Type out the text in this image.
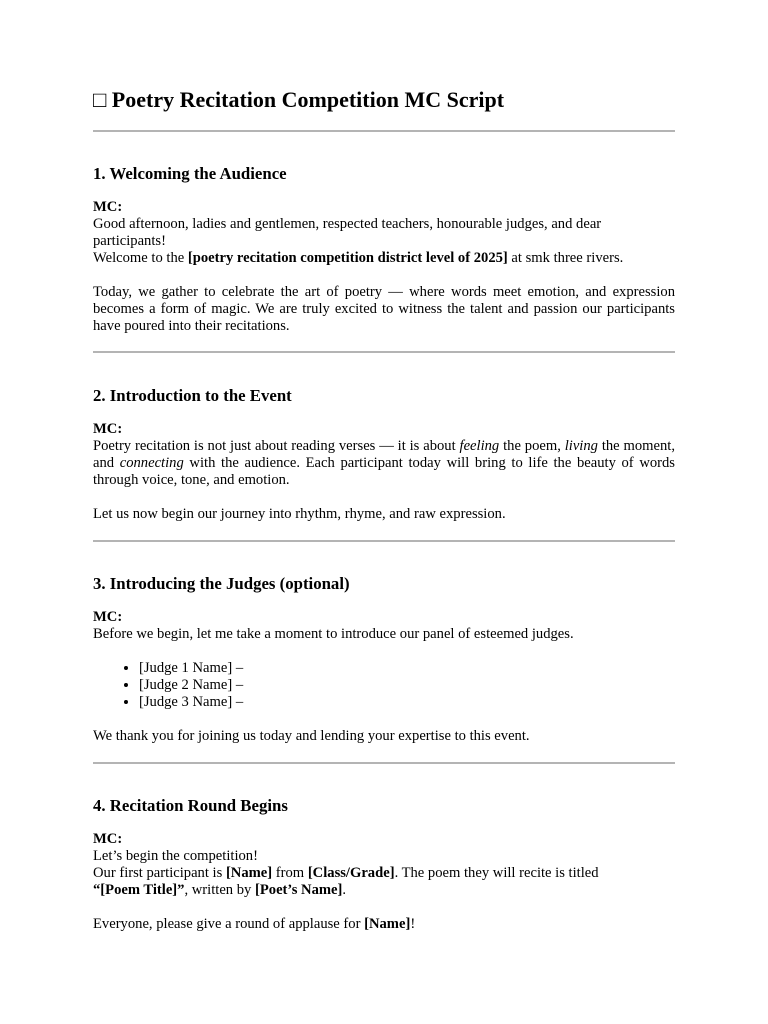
□ Poetry Recitation Competition MC Script
1. Welcoming the Audience

MC:

Good afternoon, ladies and gentlemen, respected teachers, honourable judges, and dear participants!

Welcome to the [poetry recitation competition district level of 2025] at smk three rivers.

Today, we gather to celebrate the art of poetry — where words meet emotion, and expression becomes a form of magic. We are truly excited to witness the talent and passion our participants have poured into their recitations.

2. Introduction to the Event

MC:

Poetry recitation is not just about reading verses — it is about feeling the poem, living the moment, and connecting with the audience. Each participant today will bring to life the beauty of words through voice, tone, and emotion.

Let us now begin our journey into rhythm, rhyme, and raw expression.

3. Introducing the Judges (optional)

MC:

Before we begin, let me take a moment to introduce our panel of esteemed judges.

• [Judge 1 Name] –
• [Judge 2 Name] –
• [Judge 3 Name] –

We thank you for joining us today and lending your expertise to this event.

4. Recitation Round Begins

MC:

Let’s begin the competition!

Our first participant is [Name] from [Class/Grade]. The poem they will recite is titled
“[Poem Title]”, written by [Poet’s Name].

Everyone, please give a round of applause for [Name]!
